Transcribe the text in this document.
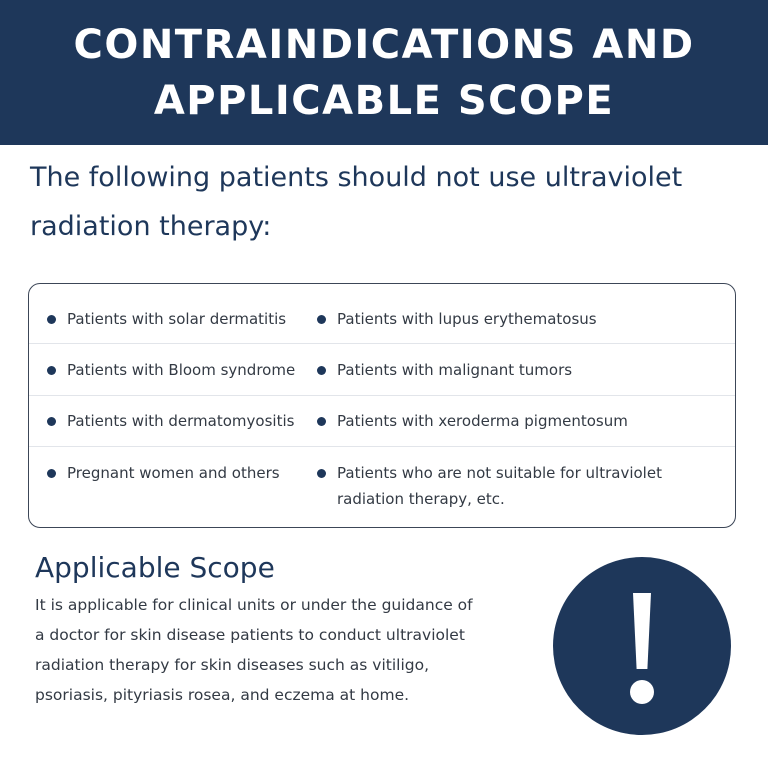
CONTRAINDICATIONS AND
APPLICABLE SCOPE
The following patients should not use ultraviolet radiation therapy:
Patients with solar dermatitis	Patients with lupus erythematosus
Patients with Bloom syndrome	Patients with malignant tumors
Patients with dermatomyositis	Patients with xeroderma pigmentosum
Pregnant women and others	Patients who are not suitable for ultraviolet radiation therapy, etc.
Applicable Scope
It is applicable for clinical units or under the guidance of a doctor for skin disease patients to conduct ultraviolet radiation therapy for skin diseases such as vitiligo, psoriasis, pityriasis rosea, and eczema at home.
